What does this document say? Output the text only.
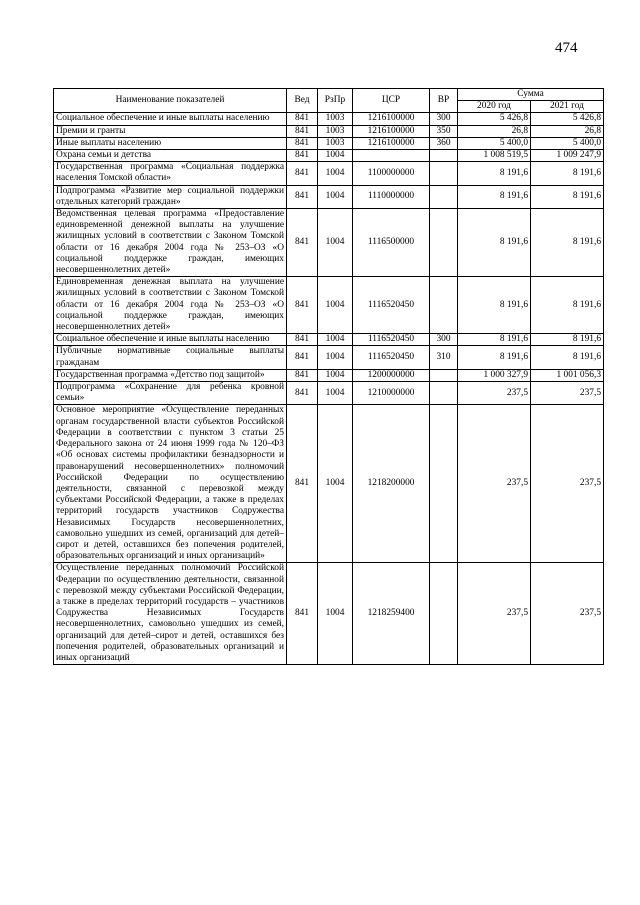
474
Наименование показателей	Вед	РзПр	ЦСР	ВР	Сумма	
					2020 год	2021 год
Социальное обеспечение и иные выплаты населению	841	1003	1216100000	300	5 426,8	5 426,8
Премии и гранты	841	1003	1216100000	350	26,8	26,8
Иные выплаты населению	841	1003	1216100000	360	5 400,0	5 400,0
Охрана семьи и детства	841	1004			1 008 519,5	1 009 247,9
Государственная программа «Социальная поддержка населения Томской области»	841	1004	1100000000		8 191,6	8 191,6
Подпрограмма «Развитие мер социальной поддержки отдельных категорий граждан»	841	1004	1110000000		8 191,6	8 191,6
Ведомственная целевая программа «Предоставление единовременной денежной выплаты на улучшение жилищных условий в соответствии с Законом Томской области от 16 декабря 2004 года № 253–ОЗ «О социальной поддержке граждан, имеющих несовершеннолетних детей»	841	1004	1116500000		8 191,6	8 191,6
Единовременная денежная выплата на улучшение жилищных условий в соответствии с Законом Томской области от 16 декабря 2004 года № 253–ОЗ «О социальной поддержке граждан, имеющих несовершеннолетних детей»	841	1004	1116520450		8 191,6	8 191,6
Социальное обеспечение и иные выплаты населению	841	1004	1116520450	300	8 191,6	8 191,6
Публичные нормативные социальные выплаты гражданам	841	1004	1116520450	310	8 191,6	8 191,6
Государственная программа «Детство под защитой»	841	1004	1200000000		1 000 327,9	1 001 056,3
Подпрограмма «Сохранение для ребенка кровной семьи»	841	1004	1210000000		237,5	237,5
Основное мероприятие «Осуществление переданных органам государственной власти субъектов Российской Федерации в соответствии с пунктом 3 статьи 25 Федерального закона от 24 июня 1999 года № 120–ФЗ «Об основах системы профилактики безнадзорности и правонарушений несовершеннолетних» полномочий Российской Федерации по осуществлению деятельности, связанной с перевозкой между субъектами Российской Федерации, а также в пределах территорий государств участников Содружества Независимых Государств несовершеннолетних, самовольно ушедших из семей, организаций для детей–сирот и детей, оставшихся без попечения родителей, образовательных организаций и иных организаций»	841	1004	1218200000		237,5	237,5
Осуществление переданных полномочий Российской Федерации по осуществлению деятельности, связанной с перевозкой между субъектами Российской Федерации, а также в пределах территорий государств – участников Содружества Независимых Государств несовершеннолетних, самовольно ушедших из семей, организаций для детей–сирот и детей, оставшихся без попечения родителей, образовательных организаций и иных организаций	841	1004	1218259400		237,5	237,5
